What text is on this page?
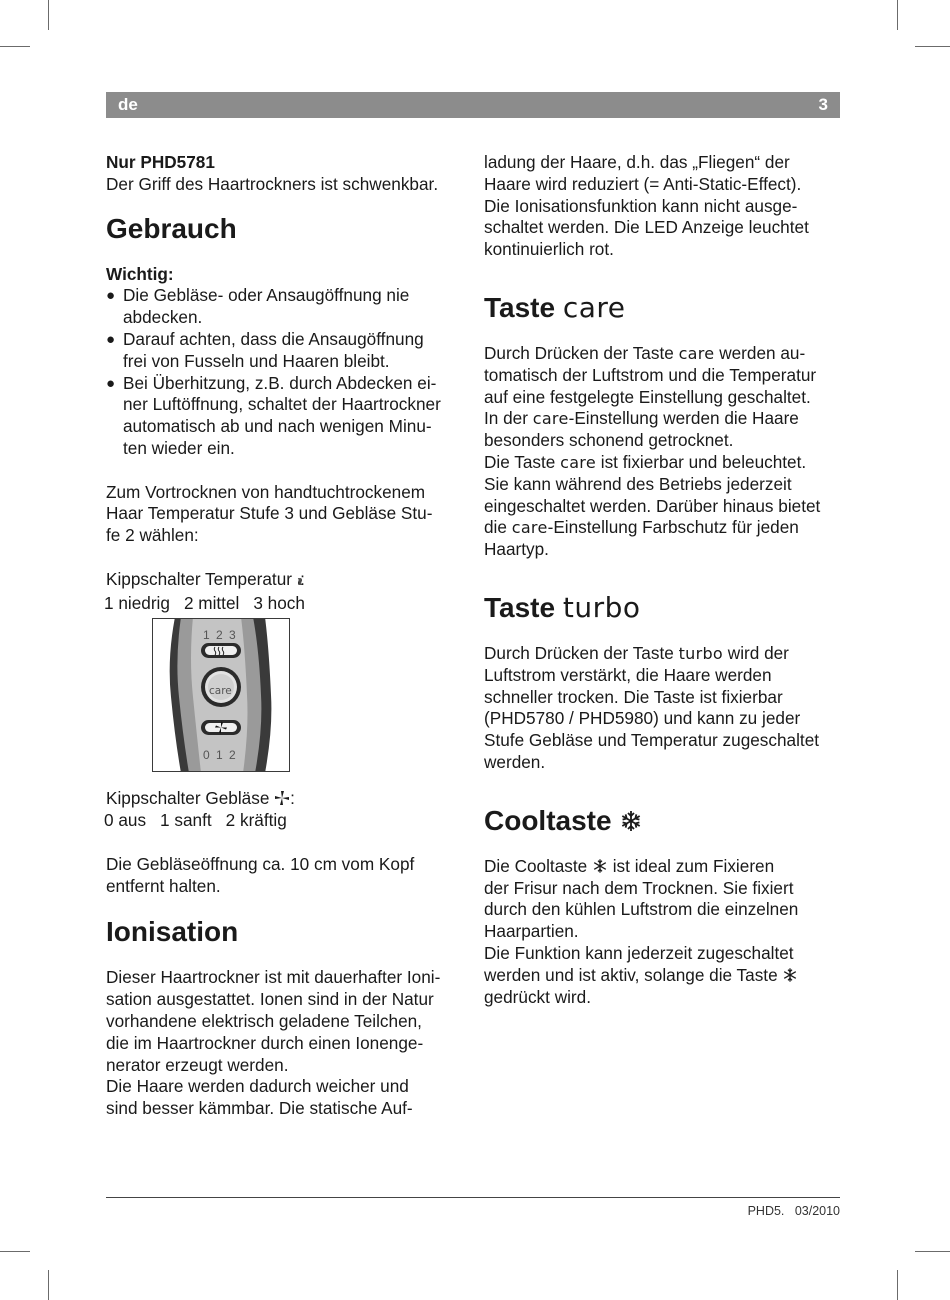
de	3

Nur PHD5781

Der Griff des Haartrockners ist schwenkbar.

Gebrauch

Wichtig:

● Die Gebläse- oder Ansaugöffnung nie
abdecken.
● Darauf achten, dass die Ansaugöffnung
frei von Fusseln und Haaren bleibt.
● Bei Überhitzung, z.B. durch Abdecken ei-
ner Luftöffnung, schaltet der Haartrockner
automatisch ab und nach wenigen Minu-
ten wieder ein.

Zum Vortrocknen von handtuchtrockenem

Haar Temperatur Stufe 3 und Gebläse Stu-

fe 2 wählen:

Kippschalter Temperatur ≀≀≀:

1 niedrig 2 mittel 3 hoch

1 2 3
care
0 1 2

Kippschalter Gebläse :

0 aus 1 sanft 2 kräftig

Die Gebläseöffnung ca. 10 cm vom Kopf

entfernt halten.

Ionisation

Dieser Haartrockner ist mit dauerhafter Ioni-

sation ausgestattet. Ionen sind in der Natur

vorhandene elektrisch geladene Teilchen,

die im Haartrockner durch einen Ionenge-

nerator erzeugt werden.

Die Haare werden dadurch weicher und

sind besser kämmbar. Die statische Auf-

ladung der Haare, d.h. das „Fliegen“ der

Haare wird reduziert (= Anti-Static-Effect).

Die Ionisationsfunktion kann nicht ausge-

schaltet werden. Die LED Anzeige leuchtet

kontinuierlich rot.

Taste care

Durch Drücken der Taste care werden au-

tomatisch der Luftstrom und die Temperatur

auf eine festgelegte Einstellung geschaltet.

In der care-Einstellung werden die Haare

besonders schonend getrocknet.

Die Taste care ist fixierbar und beleuchtet.

Sie kann während des Betriebs jederzeit

eingeschaltet werden. Darüber hinaus bietet

die care-Einstellung Farbschutz für jeden

Haartyp.

Taste turbo

Durch Drücken der Taste turbo wird der

Luftstrom verstärkt, die Haare werden

schneller trocken. Die Taste ist fixierbar

(PHD5780 / PHD5980) und kann zu jeder

Stufe Gebläse und Temperatur zugeschaltet

werden.

Cooltaste

Die Cooltaste  ist ideal zum Fixieren

der Frisur nach dem Trocknen. Sie fixiert

durch den kühlen Luftstrom die einzelnen

Haarpartien.

Die Funktion kann jederzeit zugeschaltet

werden und ist aktiv, solange die Taste

gedrückt wird.

PHD5.   03/2010
